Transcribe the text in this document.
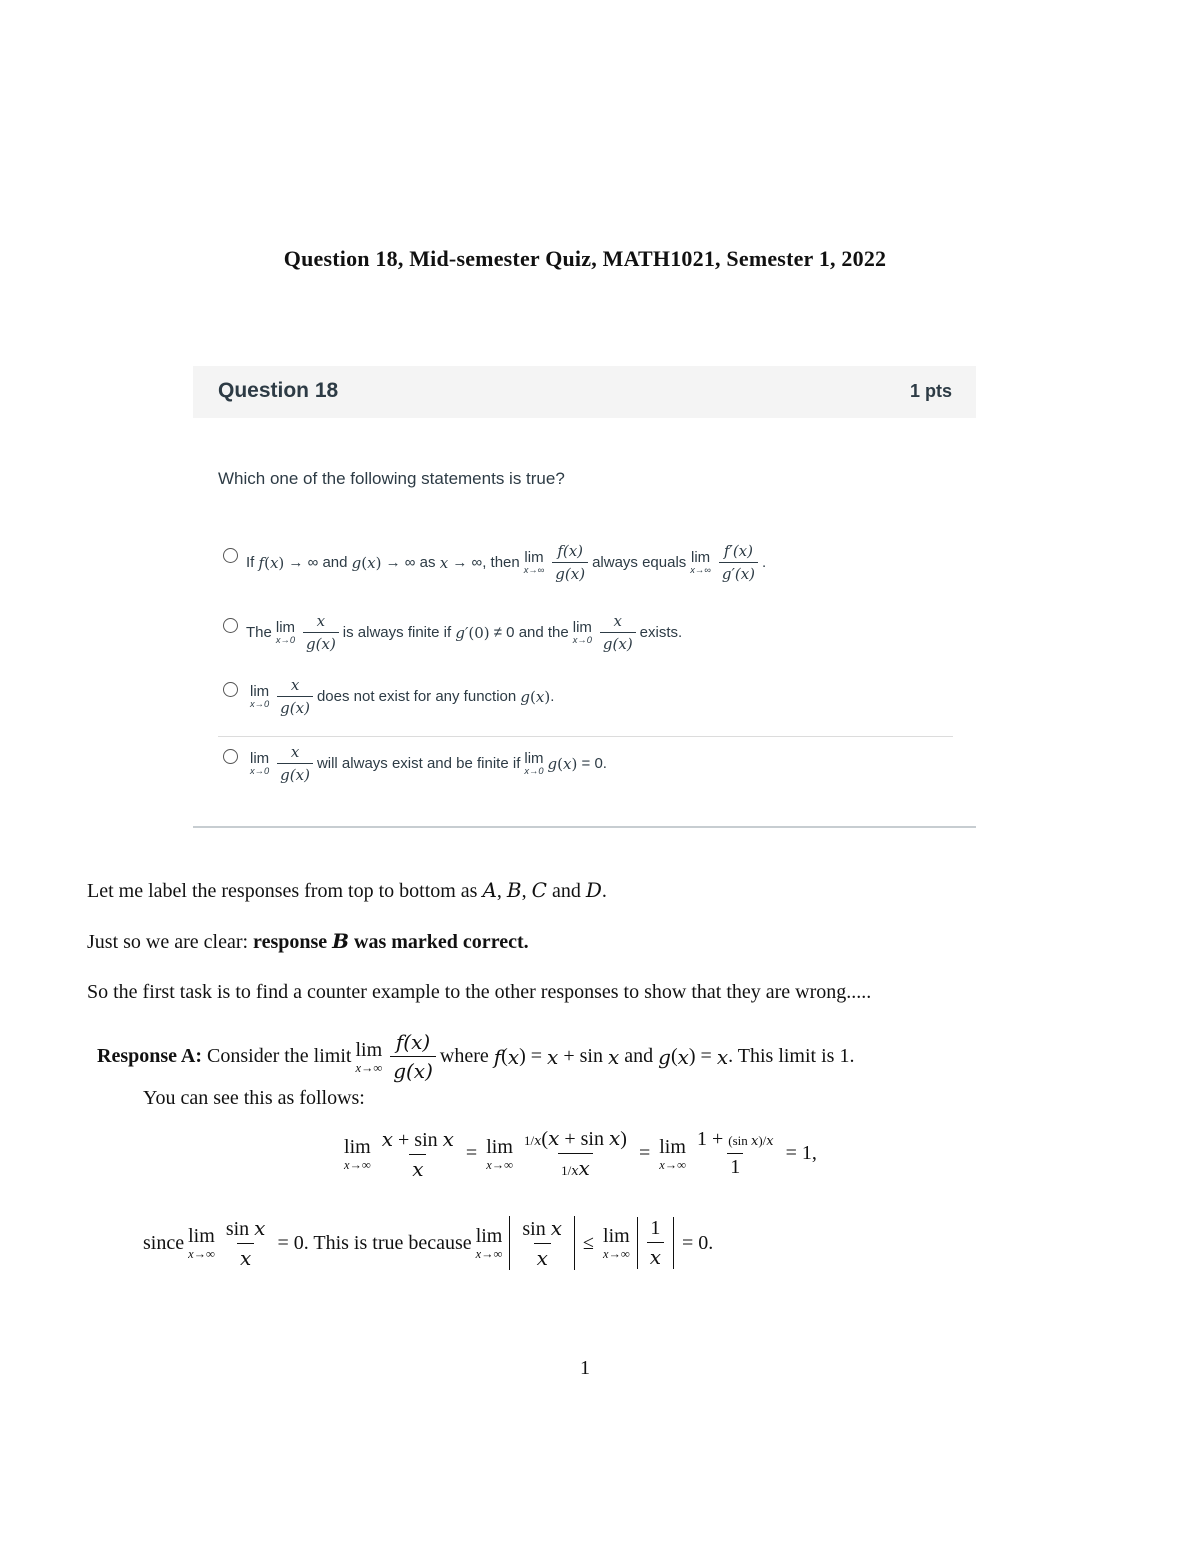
Question 18, Mid-semester Quiz, MATH1021, Semester 1, 2022
Question 18	1 pts
Which one of the following statements is true?
If
f ( x ) → ∞ and
g ( x ) → ∞ as
x → ∞ , then lim
$x\to\infty \frac{f(x)}{g(x)}$ always equals lim
$x\to\infty \frac{f'(x)}{g'(x)}$ .
The lim
$x\to 0 \frac{x}{g(x)}$ is always finite if
g′ (0) ≠ 0 and the lim
$x\to 0 \frac{x}{g(x)}$ exists.
lim
$x\to 0 \frac{x}{g(x)}$ does not exist for any function
g ( x ) .
lim
$x\to 0 \frac{x}{g(x)}$ will always exist and be finite if lim
x→0 g ( x ) = 0.
Let me label the responses from top to bottom as A, B, C and D.
Just so we are clear: response B was marked correct.
So the first task is to find a counter example to the other responses to show that they are wrong.....
Response A:
Consider the limit lim
$x\to\infty \frac{f(x)}{g(x)}$ where
f ( x ) = x + sin x
and
g ( x ) = x . This limit is 1.
You can see this as follows:
lim
$x\to\infty \frac{\text{x + sin x}}{x} = \lim$
$x\to\infty \frac{\text{1/x(x + sin x)}}{1/xx} = \lim$
$x\to\infty \frac{\text{1 + (sin x)/x}}{1} = 1$,
since lim
$x\to\infty \frac{\text{sin x}}{x} = 0$ . This is true because lim
$x\to\infty \frac{\text{sin x}}{x} \le \lim$
$x\to\infty \frac{1}{x} = 0$.
1
